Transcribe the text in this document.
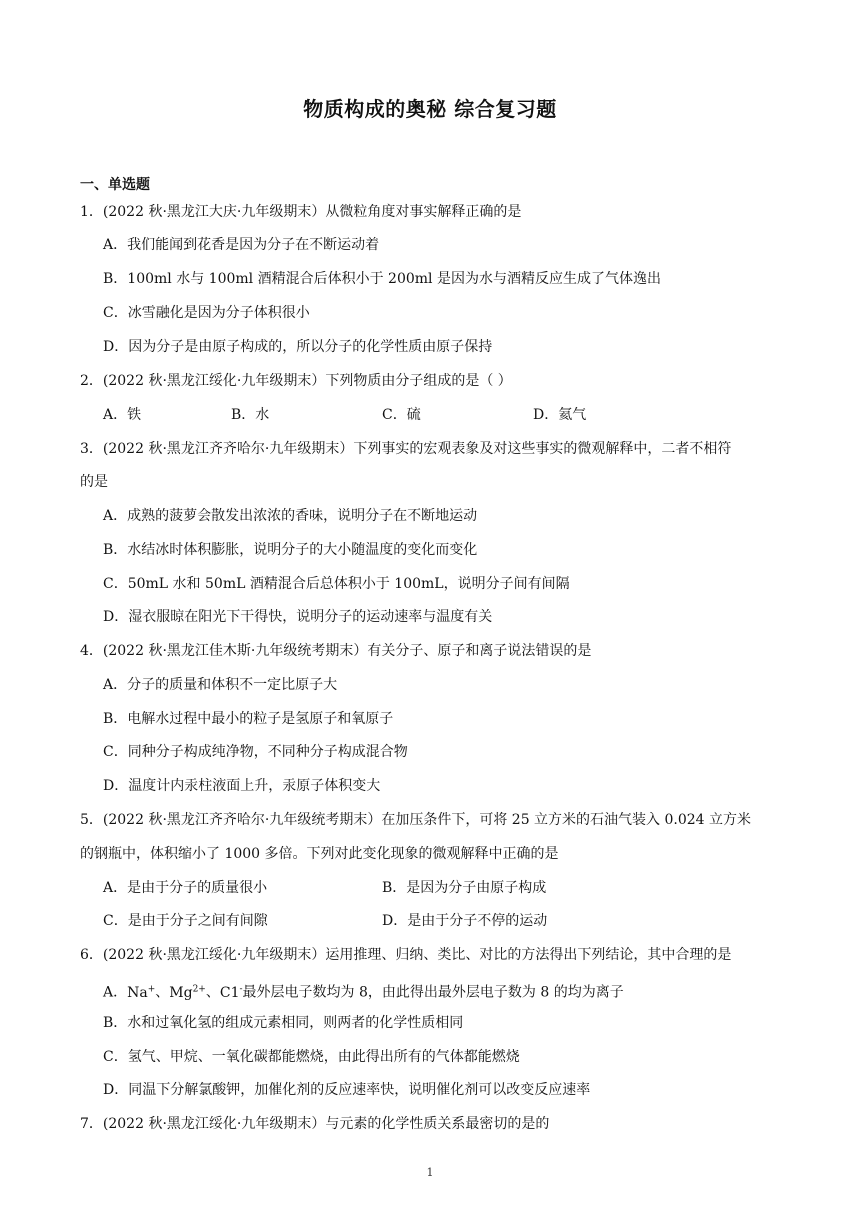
物质构成的奥秘 综合复习题
一、单选题
1．(2022 秋·黑龙江大庆·九年级期末）从微粒角度对事实解释正确的是
A．我们能闻到花香是因为分子在不断运动着
B．100ml 水与 100ml 酒精混合后体积小于 200ml 是因为水与酒精反应生成了气体逸出
C．冰雪融化是因为分子体积很小
D．因为分子是由原子构成的，所以分子的化学性质由原子保持
2．(2022 秋·黑龙江绥化·九年级期末）下列物质由分子组成的是（ ）
A．铁	B．水	C．硫	D．氦气
3．(2022 秋·黑龙江齐齐哈尔·九年级期末）下列事实的宏观表象及对这些事实的微观解释中，二者不相符
的是
A．成熟的菠萝会散发出浓浓的香味，说明分子在不断地运动
B．水结冰时体积膨胀，说明分子的大小随温度的变化而变化
C．50mL 水和 50mL 酒精混合后总体积小于 100mL，说明分子间有间隔
D．湿衣服晾在阳光下干得快，说明分子的运动速率与温度有关
4．(2022 秋·黑龙江佳木斯·九年级统考期末）有关分子、原子和离子说法错误的是
A．分子的质量和体积不一定比原子大
B．电解水过程中最小的粒子是氢原子和氧原子
C．同种分子构成纯净物，不同种分子构成混合物
D．温度计内汞柱液面上升，汞原子体积变大
5．(2022 秋·黑龙江齐齐哈尔·九年级统考期末）在加压条件下，可将 25 立方米的石油气装入 0.024 立方米
的钢瓶中，体积缩小了 1000 多倍。下列对此变化现象的微观解释中正确的是
A．是由于分子的质量很小	B．是因为分子由原子构成
C．是由于分子之间有间隙	D．是由于分子不停的运动
6．(2022 秋·黑龙江绥化·九年级期末）运用推理、归纳、类比、对比的方法得出下列结论，其中合理的是
A．Na+、$Mg^{2+}$、C1-最外层电子数均为 8，由此得出最外层电子数为 8 的均为离子
B．水和过氧化氢的组成元素相同，则两者的化学性质相同
C．氢气、甲烷、一氧化碳都能燃烧，由此得出所有的气体都能燃烧
D．同温下分解氯酸钾，加催化剂的反应速率快，说明催化剂可以改变反应速率
7．(2022 秋·黑龙江绥化·九年级期末）与元素的化学性质关系最密切的是的
1
